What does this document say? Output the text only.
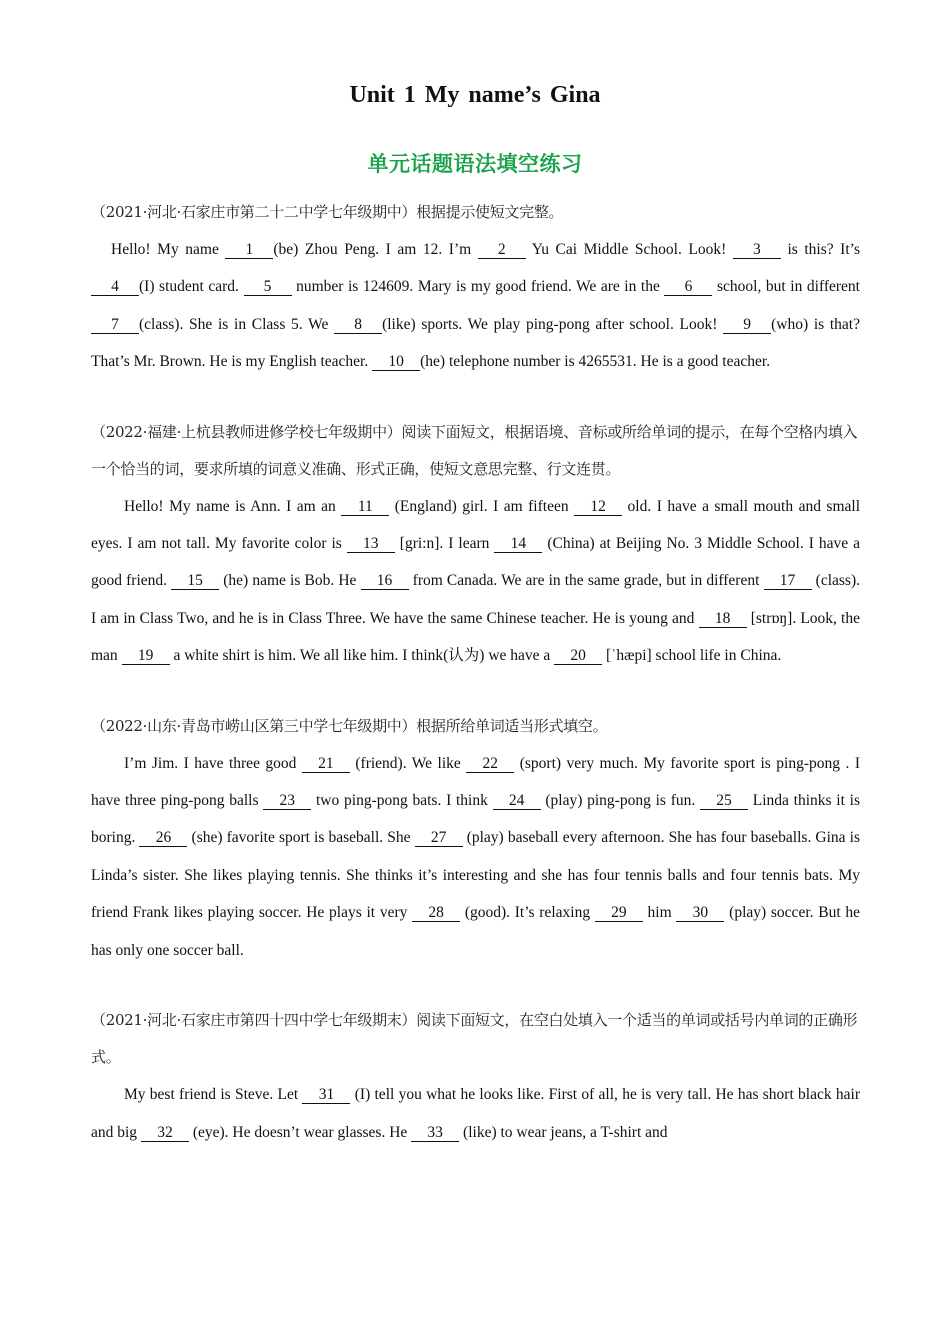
Unit 1 My name’s Gina
单元话题语法填空练习
（2021·河北·石家庄市第二十二中学七年级期中）根据提示使短文完整。
Hello! My name 1 (be) Zhou Peng. I am 12. I’m 2 Yu Cai Middle School. Look! 3 is this? It’s 4 (I) student card. 5 number is 124609. Mary is my good friend. We are in the 6 school, but in different 7 (class). She is in Class 5. We 8 (like) sports. We play ping-pong after school. Look! 9 (who) is that? That’s Mr. Brown. He is my English teacher. 10 (he) telephone number is 4265531. He is a good teacher.
（2022·福建·上杭县教师进修学校七年级期中）阅读下面短文，根据语境、音标或所给单词的提示，在每个空格内填入一个恰当的词，要求所填的词意义准确、形式正确，使短文意思完整、行文连贯。
Hello! My name is Ann. I am an 11 (England) girl. I am fifteen 12 old. I have a small mouth and small eyes. I am not tall. My favorite color is 13 [gri:n]. I learn 14 (China) at Beijing No. 3 Middle School. I have a good friend. 15 (he) name is Bob. He 16 from Canada. We are in the same grade, but in different 17 (class). I am in Class Two, and he is in Class Three. We have the same Chinese teacher. He is young and 18 [strɒŋ]. Look, the man 19 a white shirt is him. We all like him. I think(认为) we have a 20 [ˈhæpi] school life in China.
（2022·山东·青岛市崂山区第三中学七年级期中）根据所给单词适当形式填空。
I’m Jim. I have three good 21 (friend). We like 22 (sport) very much. My favorite sport is ping-pong . I have three ping-pong balls 23 two ping-pong bats. I think 24 (play) ping-pong is fun. 25 Linda thinks it is boring. 26 (she) favorite sport is baseball. She 27 (play) baseball every afternoon. She has four baseballs. Gina is Linda’s sister. She likes playing tennis. She thinks it’s interesting and she has four tennis balls and four tennis bats. My friend Frank likes playing soccer. He plays it very 28 (good). It’s relaxing 29 him 30 (play) soccer. But he has only one soccer ball.
（2021·河北·石家庄市第四十四中学七年级期末）阅读下面短文，在空白处填入一个适当的单词或括号内单词的正确形式。
My best friend is Steve. Let 31 (I) tell you what he looks like. First of all, he is very tall. He has short black hair and big 32 (eye). He doesn’t wear glasses. He 33 (like) to wear jeans, a T-shirt and
